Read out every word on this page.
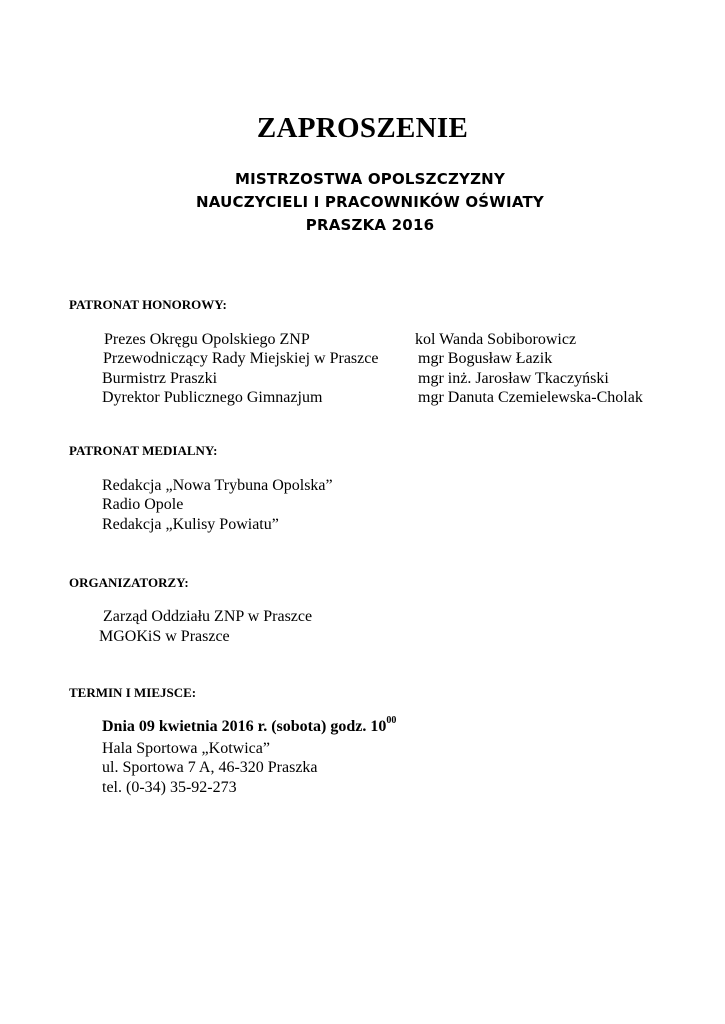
ZAPROSZENIE
MISTRZOSTWA OPOLSZCZYZNY
NAUCZYCIELI I PRACOWNIKÓW OŚWIATY
PRASZKA 2016
PATRONAT HONOROWY:
Prezes Okręgu Opolskiego ZNP	kol Wanda Sobiborowicz
Przewodniczący Rady Miejskiej w Praszce mgr Bogusław Łazik
Burmistrz Praszki	mgr inż. Jarosław Tkaczyński
Dyrektor Publicznego Gimnazjum	mgr Danuta Czemielewska-Cholak
PATRONAT MEDIALNY:
Redakcja „Nowa Trybuna Opolska”
Radio Opole
Redakcja „Kulisy Powiatu”
ORGANIZATORZY:
Zarząd Oddziału ZNP w Praszce
MGOKiS w Praszce
TERMIN I MIEJSCE:
Dnia 09 kwietnia 2016 r. (sobota) godz. $10^{00}$
Hala Sportowa „Kotwica”
ul. Sportowa 7 A, 46-320 Praszka
tel. (0-34) 35-92-273
